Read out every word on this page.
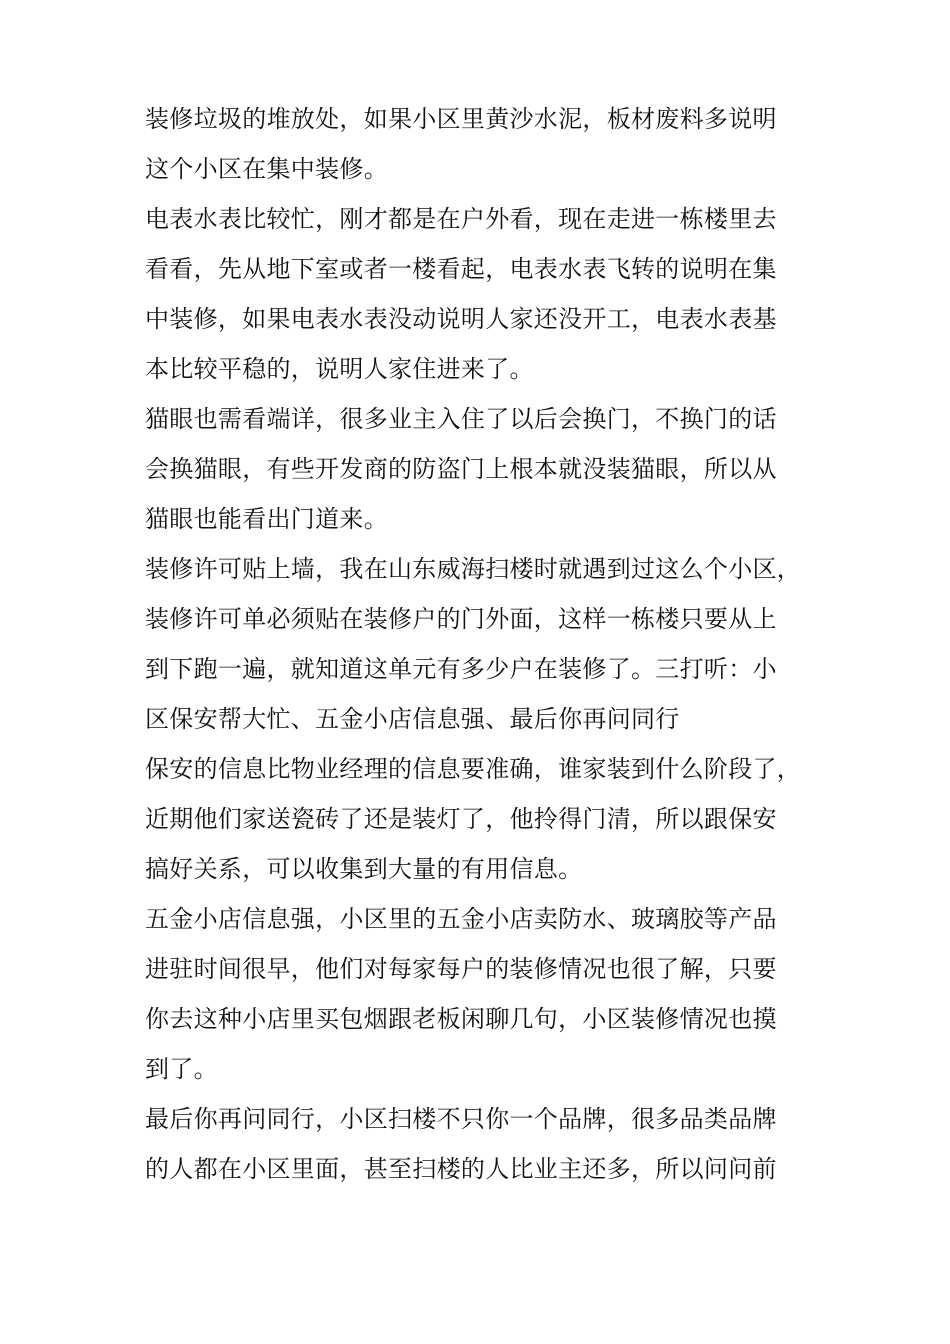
装修垃圾的堆放处，如果小区里黄沙水泥，板材废料多说明
这个小区在集中装修。
电表水表比较忙，刚才都是在户外看，现在走进一栋楼里去
看看，先从地下室或者一楼看起，电表水表飞转的说明在集
中装修，如果电表水表没动说明人家还没开工，电表水表基
本比较平稳的，说明人家住进来了。
猫眼也需看端详，很多业主入住了以后会换门，不换门的话
会换猫眼，有些开发商的防盗门上根本就没装猫眼，所以从
猫眼也能看出门道来。
装修许可贴上墙，我在山东威海扫楼时就遇到过这么个小区，
装修许可单必须贴在装修户的门外面，这样一栋楼只要从上
到下跑一遍，就知道这单元有多少户在装修了。三打听：小
区保安帮大忙、五金小店信息强、最后你再问同行
保安的信息比物业经理的信息要准确，谁家装到什么阶段了，
近期他们家送瓷砖了还是装灯了，他拎得门清，所以跟保安
搞好关系，可以收集到大量的有用信息。
五金小店信息强，小区里的五金小店卖防水、玻璃胶等产品
进驻时间很早，他们对每家每户的装修情况也很了解，只要
你去这种小店里买包烟跟老板闲聊几句，小区装修情况也摸
到了。
最后你再问同行，小区扫楼不只你一个品牌，很多品类品牌
的人都在小区里面，甚至扫楼的人比业主还多，所以问问前
